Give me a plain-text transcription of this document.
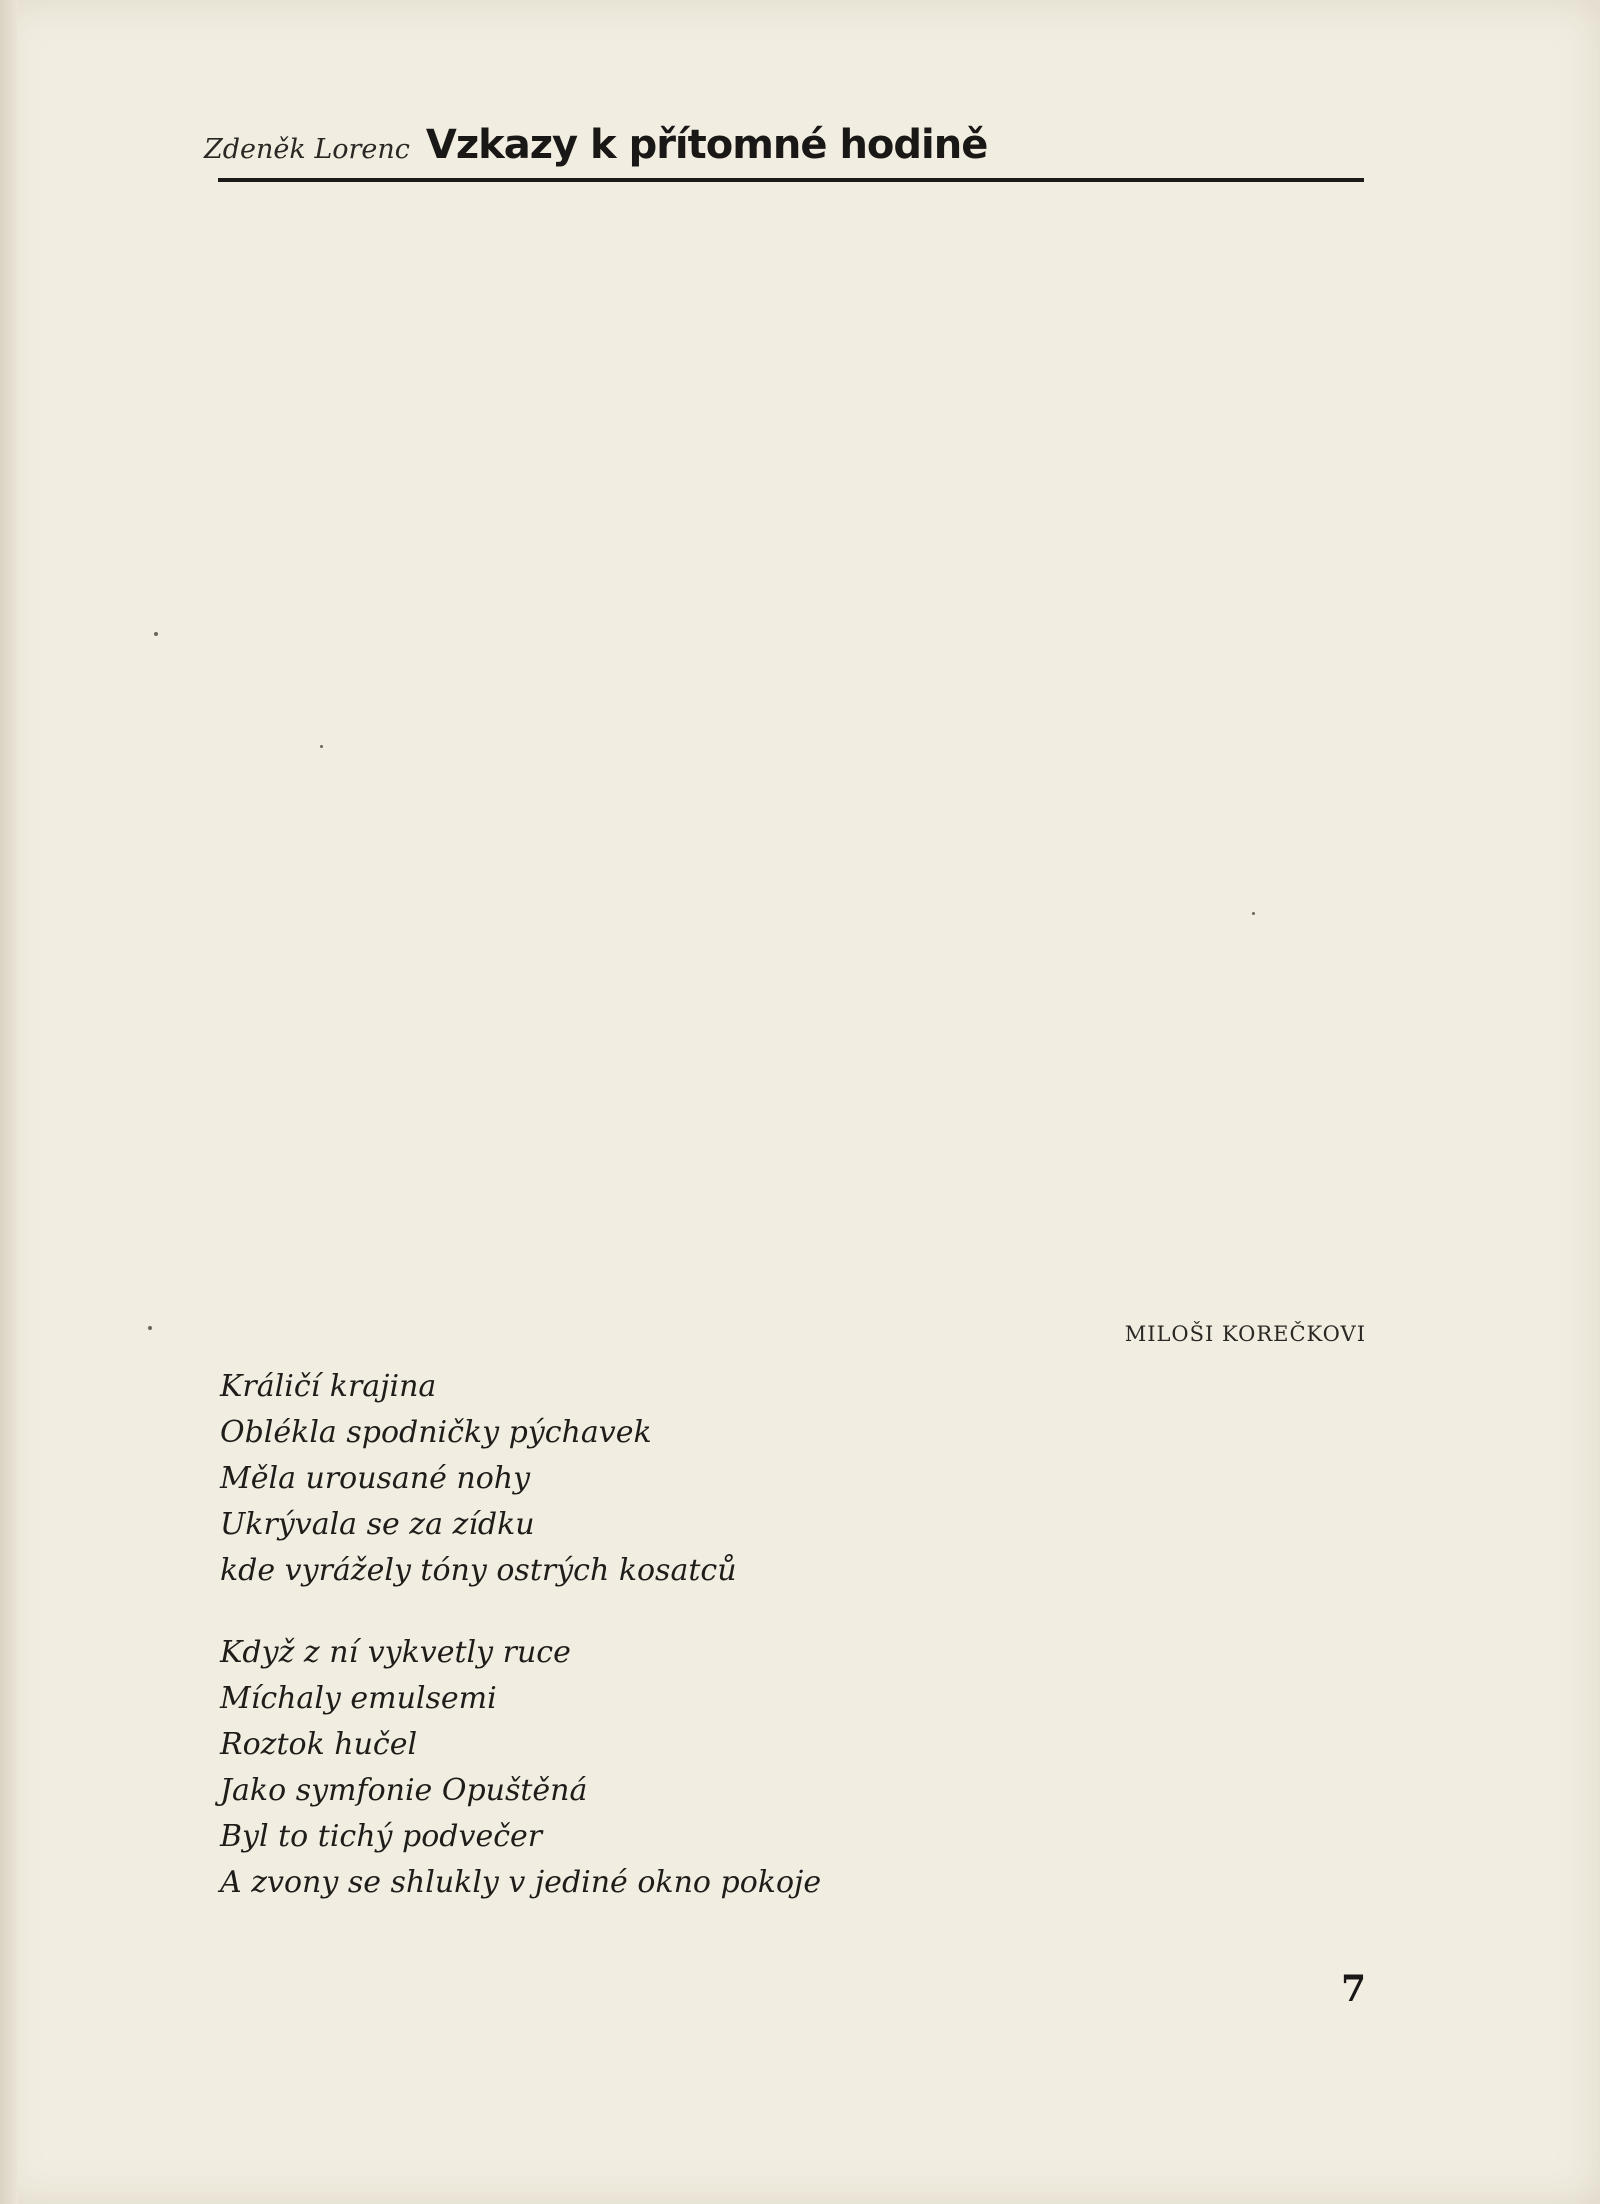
Zdeněk Lorenc Vzkazy k přítomné hodině
MILOŠI KOREČKOVI
Králičí krajina
Oblékla spodničky pýchavek
Měla urousané nohy
Ukrývala se za zídku
kde vyrážely tóny ostrých kosatců
Když z ní vykvetly ruce
Míchaly emulsemi
Roztok hučel
Jako symfonie Opuštěná
Byl to tichý podvečer
A zvony se shlukly v jediné okno pokoje
7
